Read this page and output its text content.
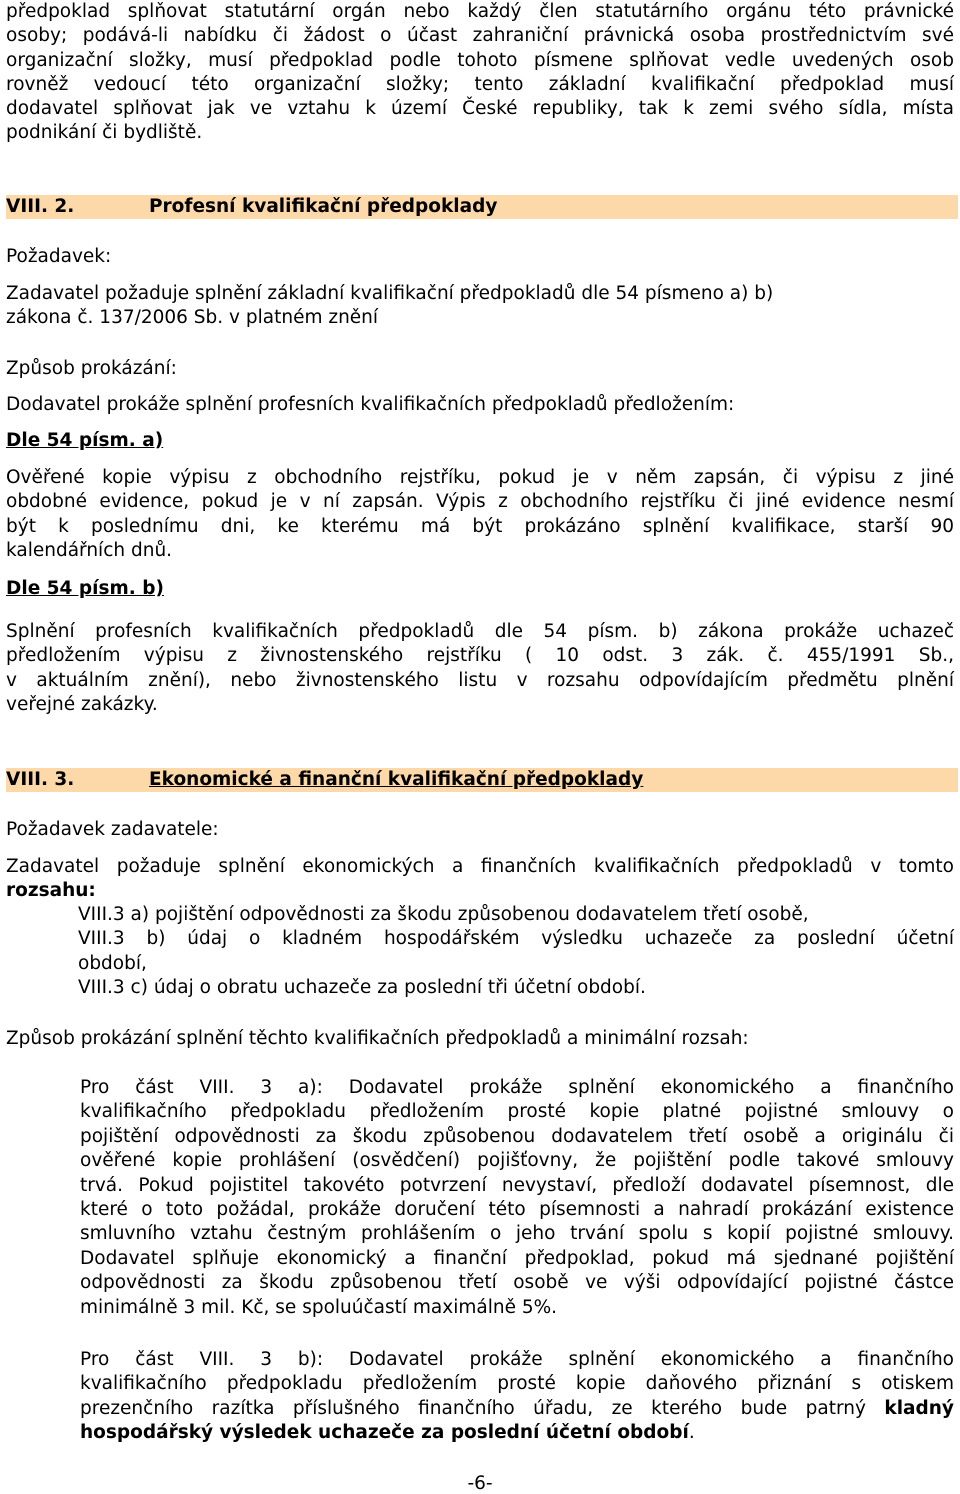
předpoklad splňovat statutární orgán nebo každý člen statutárního orgánu této právnické

osoby; podává-li nabídku či žádost o účast zahraniční právnická osoba prostřednictvím své

organizační složky, musí předpoklad podle tohoto písmene splňovat vedle uvedených osob

rovněž vedoucí této organizační složky; tento základní kvalifikační předpoklad musí

dodavatel splňovat jak ve vztahu k území České republiky, tak k zemi svého sídla, místa

podnikání či bydliště.

VIII. 2.	Profesní kvalifikační předpoklady
Požadavek:

Zadavatel požaduje splnění základní kvalifikační předpokladů dle 54 písmeno a) b)

zákona č. 137/2006 Sb. v platném znění

Způsob prokázání:
Dodavatel prokáže splnění profesních kvalifikačních předpokladů předložením:
Dle 54 písm. a)

Ověřené kopie výpisu z obchodního rejstříku, pokud je v něm zapsán, či výpisu z jiné

obdobné evidence, pokud je v ní zapsán. Výpis z obchodního rejstříku či jiné evidence nesmí

být k poslednímu dni, ke kterému má být prokázáno splnění kvalifikace, starší 90

kalendářních dnů.

Dle 54 písm. b)

Splnění profesních kvalifikačních předpokladů dle 54 písm. b) zákona prokáže uchazeč

předložením výpisu z živnostenského rejstříku ( 10 odst. 3 zák. č. 455/1991 Sb.,

v aktuálním znění), nebo živnostenského listu v rozsahu odpovídajícím předmětu plnění

veřejné zakázky.

VIII. 3.	Ekonomické a finanční kvalifikační předpoklady
Požadavek zadavatele:

Zadavatel požaduje splnění ekonomických a finančních kvalifikačních předpokladů v tomto

rozsahu:

VIII.3 a) pojištění odpovědnosti za škodu způsobenou dodavatelem třetí osobě,

VIII.3 b) údaj o kladném hospodářském výsledku uchazeče za poslední účetní

období,

VIII.3 c) údaj o obratu uchazeče za poslední tři účetní období.

Způsob prokázání splnění těchto kvalifikačních předpokladů a minimální rozsah:

Pro část VIII. 3 a): Dodavatel prokáže splnění ekonomického a finančního

kvalifikačního předpokladu předložením prosté kopie platné pojistné smlouvy o

pojištění odpovědnosti za škodu způsobenou dodavatelem třetí osobě a originálu či

ověřené kopie prohlášení (osvědčení) pojišťovny, že pojištění podle takové smlouvy

trvá. Pokud pojistitel takovéto potvrzení nevystaví, předloží dodavatel písemnost, dle

které o toto požádal, prokáže doručení této písemnosti a nahradí prokázání existence

smluvního vztahu čestným prohlášením o jeho trvání spolu s kopií pojistné smlouvy.

Dodavatel splňuje ekonomický a finanční předpoklad, pokud má sjednané pojištění

odpovědnosti za škodu způsobenou třetí osobě ve výši odpovídající pojistné částce

minimálně 3 mil. Kč, se spoluúčastí maximálně 5%.

Pro část VIII. 3 b): Dodavatel prokáže splnění ekonomického a finančního

kvalifikačního předpokladu předložením prosté kopie daňového přiznání s otiskem

prezenčního razítka příslušného finančního úřadu, ze kterého bude patrný kladný

hospodářský výsledek uchazeče za poslední účetní období.

-6-
